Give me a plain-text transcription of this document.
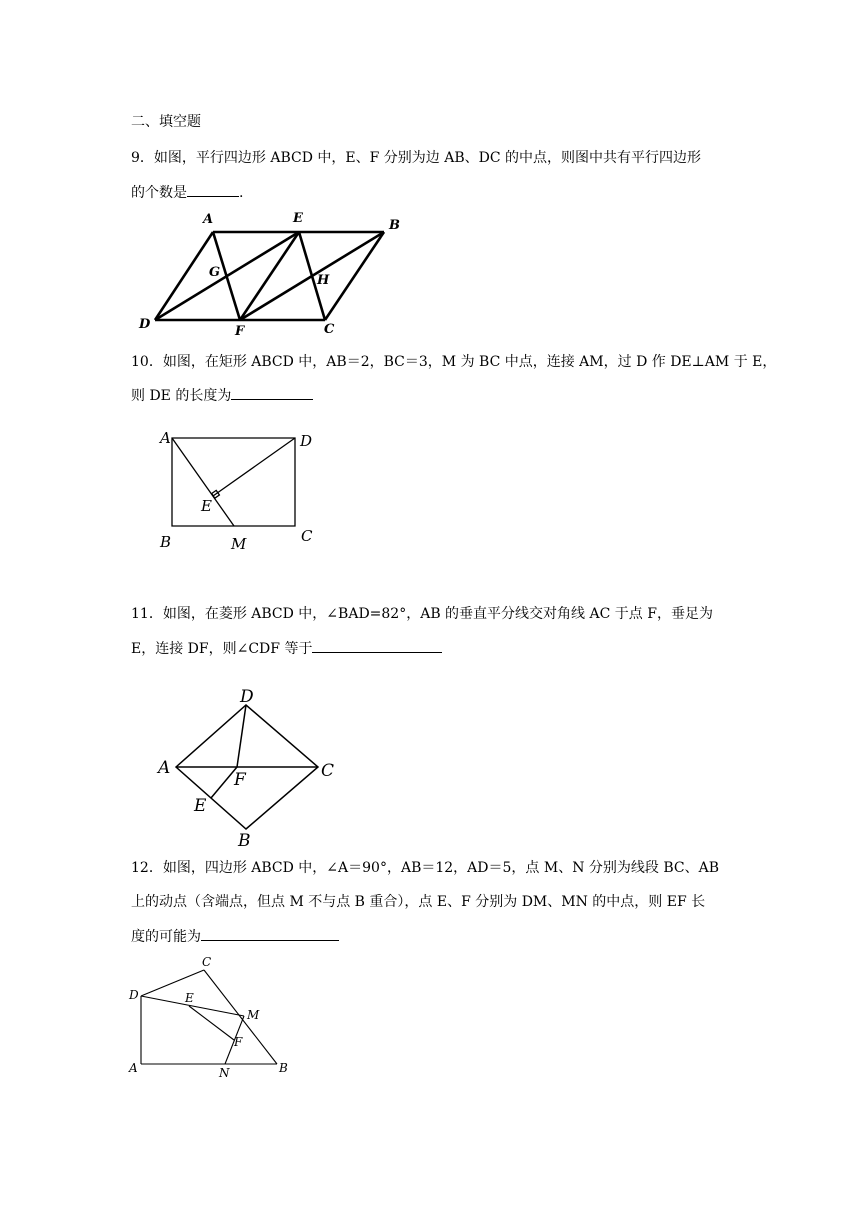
二、填空题
9．如图，平行四边形 ABCD 中，E、F 分别为边 AB、DC 的中点，则图中共有平行四边形
的个数是	.
A	E	B
G
H
D	F	C
10．如图，在矩形 ABCD 中，AB＝2，BC＝3，M 为 BC 中点，连接 AM，过 D 作 DE⊥AM 于 E，
则 DE 的长度为
A	D
E
B	M	C
11．如图，在菱形 ABCD 中，∠BAD=82°，AB 的垂直平分线交对角线 AC 于点 F，垂足为
E，连接 DF，则∠CDF 等于
D
A
F	C
E
B
12．如图，四边形 ABCD 中，∠A＝90°，AB＝12，AD＝5，点 M、N 分别为线段 BC、AB
上的动点（含端点，但点 M 不与点 B 重合），点 E、F 分别为 DM、MN 的中点，则 EF 长
度的可能为
C
D	E
M
F
A	N	B
